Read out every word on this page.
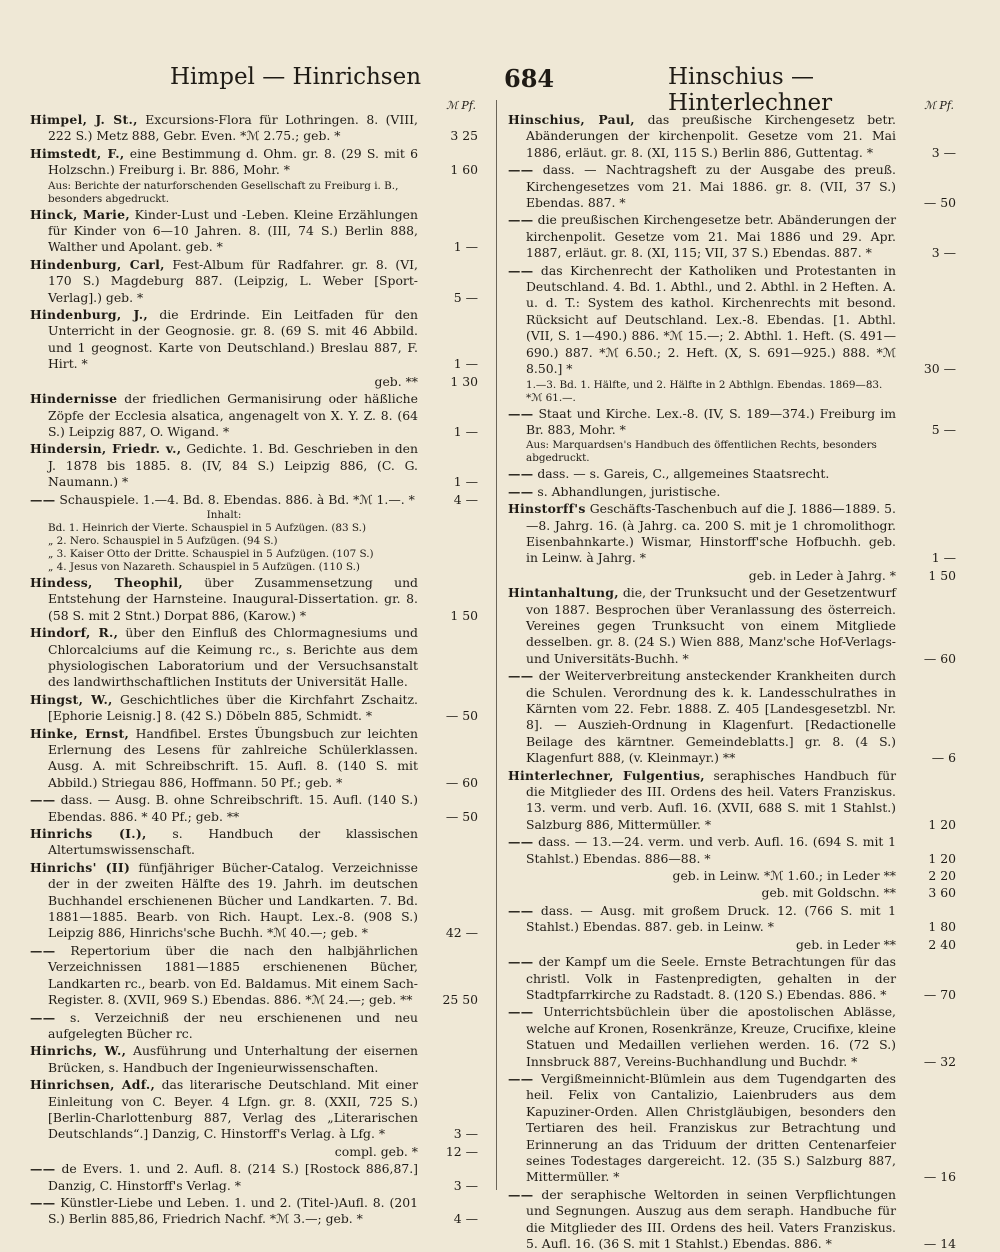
Himpel — Hinrichsen	684	Hinschius — Hinterlechner
ℳ Pf.
Himpel, J. St., Excursions-Flora für Lothringen. 8. (VIII, 222 S.) Metz 888, Gebr. Even. *ℳ 2.75.; geb. *	3 25
Himstedt, F., eine Bestimmung d. Ohm. gr. 8. (29 S. mit 6 Holzschn.) Freiburg i. Br. 886, Mohr. *	1 60
Aus: Berichte der naturforschenden Gesellschaft zu Freiburg i. B., besonders abgedruckt.
Hinck, Marie, Kinder-Lust und -Leben. Kleine Erzählungen für Kinder von 6—10 Jahren. 8. (III, 74 S.) Berlin 888, Walther und Apolant. geb. *	1 —
Hindenburg, Carl, Fest-Album für Radfahrer. gr. 8. (VI, 170 S.) Magdeburg 887. (Leipzig, L. Weber [Sport-Verlag].) geb. *	5 —
Hindenburg, J., die Erdrinde. Ein Leitfaden für den Unterricht in der Geognosie. gr. 8. (69 S. mit 46 Abbild. und 1 geognost. Karte von Deutschland.) Breslau 887, F. Hirt. *	1 —
geb. **	1 30
Hindernisse der friedlichen Germanisirung oder häßliche Zöpfe der Ecclesia alsatica, angenagelt von X. Y. Z. 8. (64 S.) Leipzig 887, O. Wigand. *	1 —
Hindersin, Friedr. v., Gedichte. 1. Bd. Geschrieben in den J. 1878 bis 1885. 8. (IV, 84 S.) Leipzig 886, (C. G. Naumann.) *	1 —
—— Schauspiele. 1.—4. Bd. 8. Ebendas. 886. à Bd. *ℳ 1.—. *	4 —
Inhalt:
Bd. 1. Heinrich der Vierte. Schauspiel in 5 Aufzügen. (83 S.)
„ 2. Nero. Schauspiel in 5 Aufzügen. (94 S.)
„ 3. Kaiser Otto der Dritte. Schauspiel in 5 Aufzügen. (107 S.)
„ 4. Jesus von Nazareth. Schauspiel in 5 Aufzügen. (110 S.)
Hindess, Theophil, über Zusammensetzung und Entstehung der Harnsteine. Inaugural-Dissertation. gr. 8. (58 S. mit 2 Stnt.) Dorpat 886, (Karow.) *	1 50
Hindorf, R., über den Einfluß des Chlormagnesiums und Chlorcalciums auf die Keimung rc., s. Berichte aus dem physiologischen Laboratorium und der Versuchsanstalt des landwirthschaftlichen Instituts der Universität Halle.
Hingst, W., Geschichtliches über die Kirchfahrt Zschaitz. [Ephorie Leisnig.] 8. (42 S.) Döbeln 885, Schmidt. *	— 50
Hinke, Ernst, Handfibel. Erstes Übungsbuch zur leichten Erlernung des Lesens für zahlreiche Schülerklassen. Ausg. A. mit Schreibschrift. 15. Aufl. 8. (140 S. mit Abbild.) Striegau 886, Hoffmann. 50 Pf.; geb. *	— 60
—— dass. — Ausg. B. ohne Schreibschrift. 15. Aufl. (140 S.) Ebendas. 886. * 40 Pf.; geb. **	— 50
Hinrichs (I.), s. Handbuch der klassischen Altertumswissenschaft.
Hinrichs' (II) fünfjähriger Bücher-Catalog. Verzeichnisse der in der zweiten Hälfte des 19. Jahrh. im deutschen Buchhandel erschienenen Bücher und Landkarten. 7. Bd. 1881—1885. Bearb. von Rich. Haupt. Lex.-8. (908 S.) Leipzig 886, Hinrichs'sche Buchh. *ℳ 40.—; geb. *	42 —
—— Repertorium über die nach den halbjährlichen Verzeichnissen 1881—1885 erschienenen Bücher, Landkarten rc., bearb. von Ed. Baldamus. Mit einem Sach-Register. 8. (XVII, 969 S.) Ebendas. 886. *ℳ 24.—; geb. **	25 50
—— s. Verzeichniß der neu erschienenen und neu aufgelegten Bücher rc.
Hinrichs, W., Ausführung und Unterhaltung der eisernen Brücken, s. Handbuch der Ingenieurwissenschaften.
Hinrichsen, Adf., das literarische Deutschland. Mit einer Einleitung von C. Beyer. 4 Lfgn. gr. 8. (XXII, 725 S.) [Berlin-Charlottenburg 887, Verlag des „Literarischen Deutschlands“.] Danzig, C. Hinstorff's Verlag. à Lfg. *	3 —
compl. geb. *	12 —
—— de Evers. 1. und 2. Aufl. 8. (214 S.) [Rostock 886,87.] Danzig, C. Hinstorff's Verlag. *	3 —
—— Künstler-Liebe und Leben. 1. und 2. (Titel-)Aufl. 8. (201 S.) Berlin 885,86, Friedrich Nachf. *ℳ 3.—; geb. *	4 —
ℳ Pf.
Hinschius, Paul, das preußische Kirchengesetz betr. Abänderungen der kirchenpolit. Gesetze vom 21. Mai 1886, erläut. gr. 8. (XI, 115 S.) Berlin 886, Guttentag. *	3 —
—— dass. — Nachtragsheft zu der Ausgabe des preuß. Kirchengesetzes vom 21. Mai 1886. gr. 8. (VII, 37 S.) Ebendas. 887. *	— 50
—— die preußischen Kirchengesetze betr. Abänderungen der kirchenpolit. Gesetze vom 21. Mai 1886 und 29. Apr. 1887, erläut. gr. 8. (XI, 115; VII, 37 S.) Ebendas. 887. *	3 —
—— das Kirchenrecht der Katholiken und Protestanten in Deutschland. 4. Bd. 1. Abthl., und 2. Abthl. in 2 Heften. A. u. d. T.: System des kathol. Kirchenrechts mit besond. Rücksicht auf Deutschland. Lex.-8. Ebendas. [1. Abthl. (VII, S. 1—490.) 886. *ℳ 15.—; 2. Abthl. 1. Heft. (S. 491—690.) 887. *ℳ 6.50.; 2. Heft. (X, S. 691—925.) 888. *ℳ 8.50.] *	30 —
1.—3. Bd. 1. Hälfte, und 2. Hälfte in 2 Abthlgn. Ebendas. 1869—83. *ℳ 61.—.
—— Staat und Kirche. Lex.-8. (IV, S. 189—374.) Freiburg im Br. 883, Mohr. *	5 —
Aus: Marquardsen's Handbuch des öffentlichen Rechts, besonders abgedruckt.
—— dass. — s. Gareis, C., allgemeines Staatsrecht.
—— s. Abhandlungen, juristische.
Hinstorff's Geschäfts-Taschenbuch auf die J. 1886—1889. 5.—8. Jahrg. 16. (à Jahrg. ca. 200 S. mit je 1 chromolithogr. Eisenbahnkarte.) Wismar, Hinstorff'sche Hofbuchh. geb. in Leinw. à Jahrg. *	1 —
geb. in Leder à Jahrg. *	1 50
Hintanhaltung, die, der Trunksucht und der Gesetzentwurf von 1887. Besprochen über Veranlassung des österreich. Vereines gegen Trunksucht von einem Mitgliede desselben. gr. 8. (24 S.) Wien 888, Manz'sche Hof-Verlags- und Universitäts-Buchh. *	— 60
—— der Weiterverbreitung ansteckender Krankheiten durch die Schulen. Verordnung des k. k. Landesschulrathes in Kärnten vom 22. Febr. 1888. Z. 405 [Landesgesetzbl. Nr. 8]. — Auszieh-Ordnung in Klagenfurt. [Redactionelle Beilage des kärntner. Gemeindeblatts.] gr. 8. (4 S.) Klagenfurt 888, (v. Kleinmayr.) **	— 6
Hinterlechner, Fulgentius, seraphisches Handbuch für die Mitglieder des III. Ordens des heil. Vaters Franziskus. 13. verm. und verb. Aufl. 16. (XVII, 688 S. mit 1 Stahlst.) Salzburg 886, Mittermüller. *	1 20
—— dass. — 13.—24. verm. und verb. Aufl. 16. (694 S. mit 1 Stahlst.) Ebendas. 886—88. *	1 20
geb. in Leinw. *ℳ 1.60.; in Leder **	2 20
geb. mit Goldschn. **	3 60
—— dass. — Ausg. mit großem Druck. 12. (766 S. mit 1 Stahlst.) Ebendas. 887. geb. in Leinw. *	1 80
geb. in Leder **	2 40
—— der Kampf um die Seele. Ernste Betrachtungen für das christl. Volk in Fastenpredigten, gehalten in der Stadtpfarrkirche zu Radstadt. 8. (120 S.) Ebendas. 886. *	— 70
—— Unterrichtsbüchlein über die apostolischen Ablässe, welche auf Kronen, Rosenkränze, Kreuze, Crucifixe, kleine Statuen und Medaillen verliehen werden. 16. (72 S.) Innsbruck 887, Vereins-Buchhandlung und Buchdr. *	— 32
—— Vergißmeinnicht-Blümlein aus dem Tugendgarten des heil. Felix von Cantalizio, Laienbruders aus dem Kapuziner-Orden. Allen Christgläubigen, besonders den Tertiaren des heil. Franziskus zur Betrachtung und Erinnerung an das Triduum der dritten Centenarfeier seines Todestages dargereicht. 12. (35 S.) Salzburg 887, Mittermüller. *	— 16
—— der seraphische Weltorden in seinen Verpflichtungen und Segnungen. Auszug aus dem seraph. Handbuche für die Mitglieder des III. Ordens des heil. Vaters Franziskus. 5. Aufl. 16. (36 S. mit 1 Stahlst.) Ebendas. 886. *	— 14
